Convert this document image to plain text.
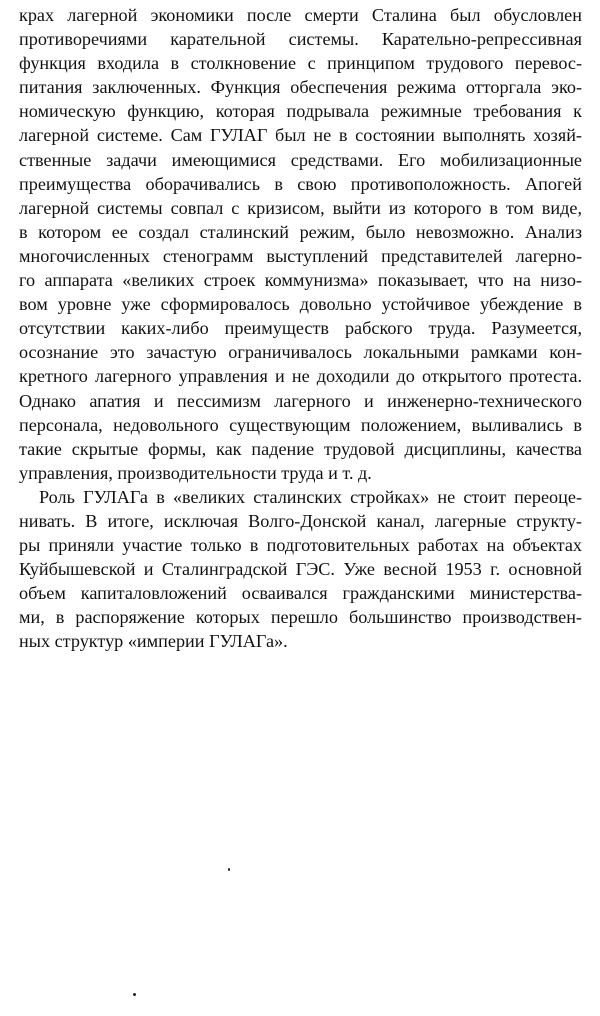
крах лагерной экономики после смерти Сталина был обусловлен
противоречиями карательной системы. Карательно-репрессивная
функция входила в столкновение с принципом трудового перевос-
питания заключенных. Функция обеспечения режима отторгала эко-
номическую функцию, которая подрывала режимные требования к
лагерной системе. Сам ГУЛАГ был не в состоянии выполнять хозяй-
ственные задачи имеющимися средствами. Его мобилизационные
преимущества оборачивались в свою противоположность. Апогей
лагерной системы совпал с кризисом, выйти из которого в том виде,
в котором ее создал сталинский режим, было невозможно. Анализ
многочисленных стенограмм выступлений представителей лагерно-
го аппарата «великих строек коммунизма» показывает, что на низо-
вом уровне уже сформировалось довольно устойчивое убеждение в
отсутствии каких-либо преимуществ рабского труда. Разумеется,
осознание это зачастую ограничивалось локальными рамками кон-
кретного лагерного управления и не доходили до открытого протеста.
Однако апатия и пессимизм лагерного и инженерно-технического
персонала, недовольного существующим положением, выливались в
такие скрытые формы, как падение трудовой дисциплины, качества
управления, производительности труда и т. д.
Роль ГУЛАГа в «великих сталинских стройках» не стоит переоце-
нивать. В итоге, исключая Волго-Донской канал, лагерные структу-
ры приняли участие только в подготовительных работах на объектах
Куйбышевской и Сталинградской ГЭС. Уже весной 1953 г. основной
объем капиталовложений осваивался гражданскими министерства-
ми, в распоряжение которых перешло большинство производствен-
ных структур «империи ГУЛАГа».
